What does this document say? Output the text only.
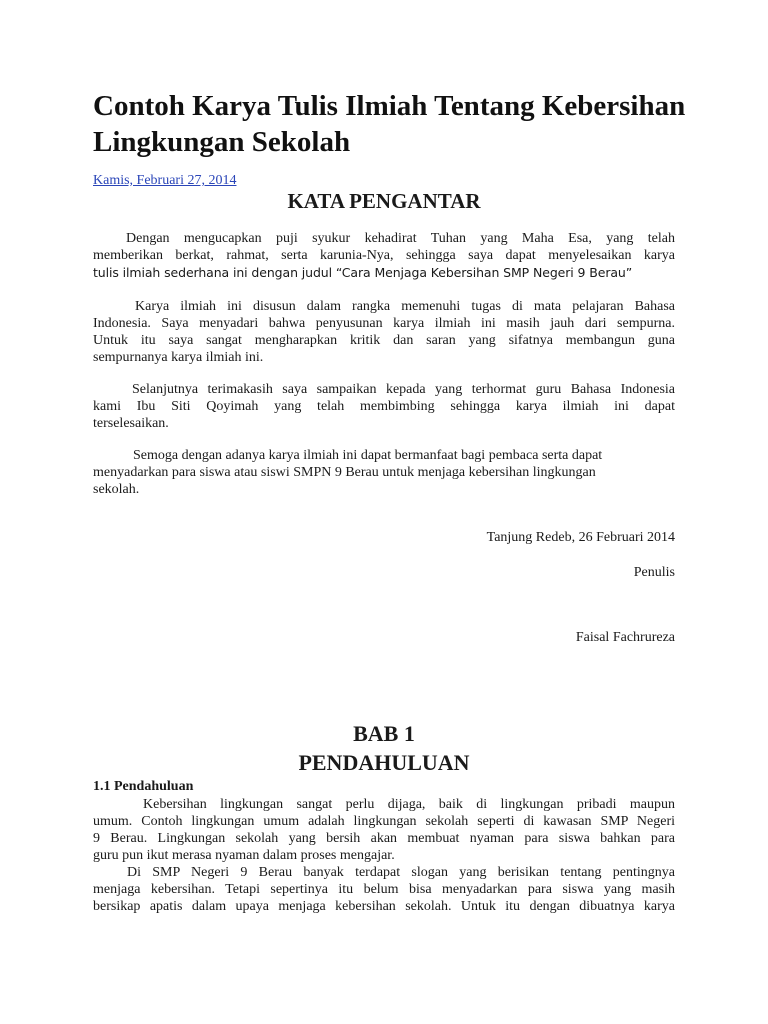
Contoh Karya Tulis Ilmiah Tentang Kebersihan Lingkungan Sekolah
Kamis, Februari 27, 2014
KATA PENGANTAR

Dengan mengucapkan puji syukur kehadirat Tuhan yang Maha Esa, yang telah
memberikan berkat, rahmat, serta karunia-Nya, sehingga saya dapat menyelesaikan karya
tulis ilmiah sederhana ini dengan judul “Cara Menjaga Kebersihan SMP Negeri 9 Berau”

Karya ilmiah ini disusun dalam rangka memenuhi tugas di mata pelajaran Bahasa
Indonesia. Saya menyadari bahwa penyusunan karya ilmiah ini masih jauh dari sempurna.
Untuk itu saya sangat mengharapkan kritik dan saran yang sifatnya membangun guna
sempurnanya karya ilmiah ini.

Selanjutnya terimakasih saya sampaikan kepada yang terhormat guru Bahasa Indonesia
kami Ibu Siti Qoyimah yang telah membimbing sehingga karya ilmiah ini dapat
terselesaikan.

Semoga dengan adanya karya ilmiah ini dapat bermanfaat bagi pembaca serta dapat
menyadarkan para siswa atau siswi SMPN 9 Berau untuk menjaga kebersihan lingkungan
sekolah.

Tanjung Redeb, 26 Februari 2014

Penulis

Faisal Fachrureza

BAB 1
PENDAHULUAN
1.1 Pendahuluan

Kebersihan lingkungan sangat perlu dijaga, baik di lingkungan pribadi maupun
umum. Contoh lingkungan umum adalah lingkungan sekolah seperti di kawasan SMP Negeri
9 Berau. Lingkungan sekolah yang bersih akan membuat nyaman para siswa bahkan para
guru pun ikut merasa nyaman dalam proses mengajar.

Di SMP Negeri 9 Berau banyak terdapat slogan yang berisikan tentang pentingnya
menjaga kebersihan. Tetapi sepertinya itu belum bisa menyadarkan para siswa yang masih
bersikap apatis dalam upaya menjaga kebersihan sekolah. Untuk itu dengan dibuatnya karya
